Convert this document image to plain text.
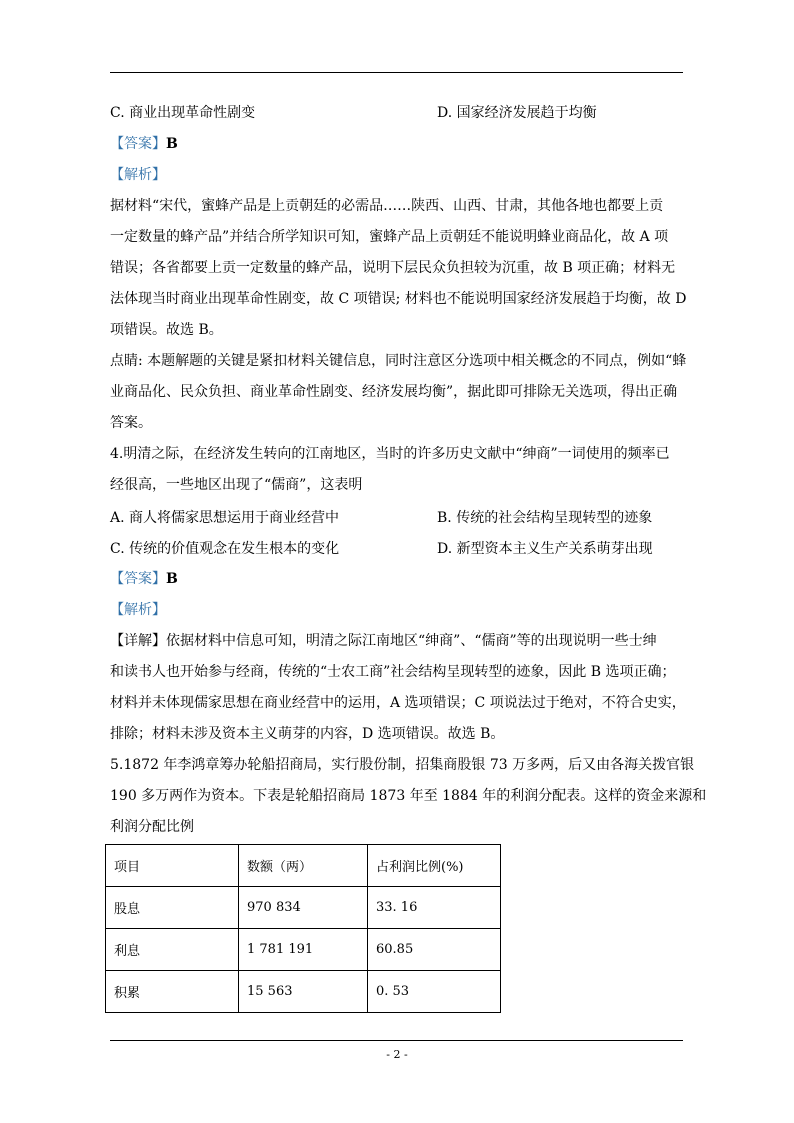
C. 商业出现革命性剧变	D. 国家经济发展趋于均衡
【答案】B
【解析】
据材料“宋代，蜜蜂产品是上贡朝廷的必需品……陕西、山西、甘肃，其他各地也都要上贡
一定数量的蜂产品”并结合所学知识可知，蜜蜂产品上贡朝廷不能说明蜂业商品化，故 A 项
错误；各省都要上贡一定数量的蜂产品，说明下层民众负担较为沉重，故 B 项正确；材料无
法体现当时商业出现革命性剧变，故 C 项错误; 材料也不能说明国家经济发展趋于均衡，故 D
项错误。故选 B。
点睛: 本题解题的关键是紧扣材料关键信息，同时注意区分选项中相关概念的不同点，例如“蜂
业商品化、民众负担、商业革命性剧变、经济发展均衡”，据此即可排除无关选项，得出正确
答案。
4.明清之际，在经济发生转向的江南地区，当时的许多历史文献中“绅商”一词使用的频率已
经很高，一些地区出现了“儒商”，这表明
A. 商人将儒家思想运用于商业经营中	B. 传统的社会结构呈现转型的迹象
C. 传统的价值观念在发生根本的变化	D. 新型资本主义生产关系萌芽出现
【答案】B
【解析】
【详解】依据材料中信息可知，明清之际江南地区“绅商”、“儒商”等的出现说明一些士绅
和读书人也开始参与经商，传统的“士农工商”社会结构呈现转型的迹象，因此 B 选项正确；
材料并未体现儒家思想在商业经营中的运用，A 选项错误；C 项说法过于绝对，不符合史实，
排除；材料未涉及资本主义萌芽的内容，D 选项错误。故选 B。
5.1872 年李鸿章筹办轮船招商局，实行股份制，招集商股银 73 万多两，后又由各海关拨官银
190 多万两作为资本。下表是轮船招商局 1873 年至 1884 年的利润分配表。这样的资金来源和
利润分配比例
项目	数额（两）	占利润比例(%)
股息	970 834	33. 16
利息	1 781 191	60.85
积累	15 563	0. 53
- 2 -
